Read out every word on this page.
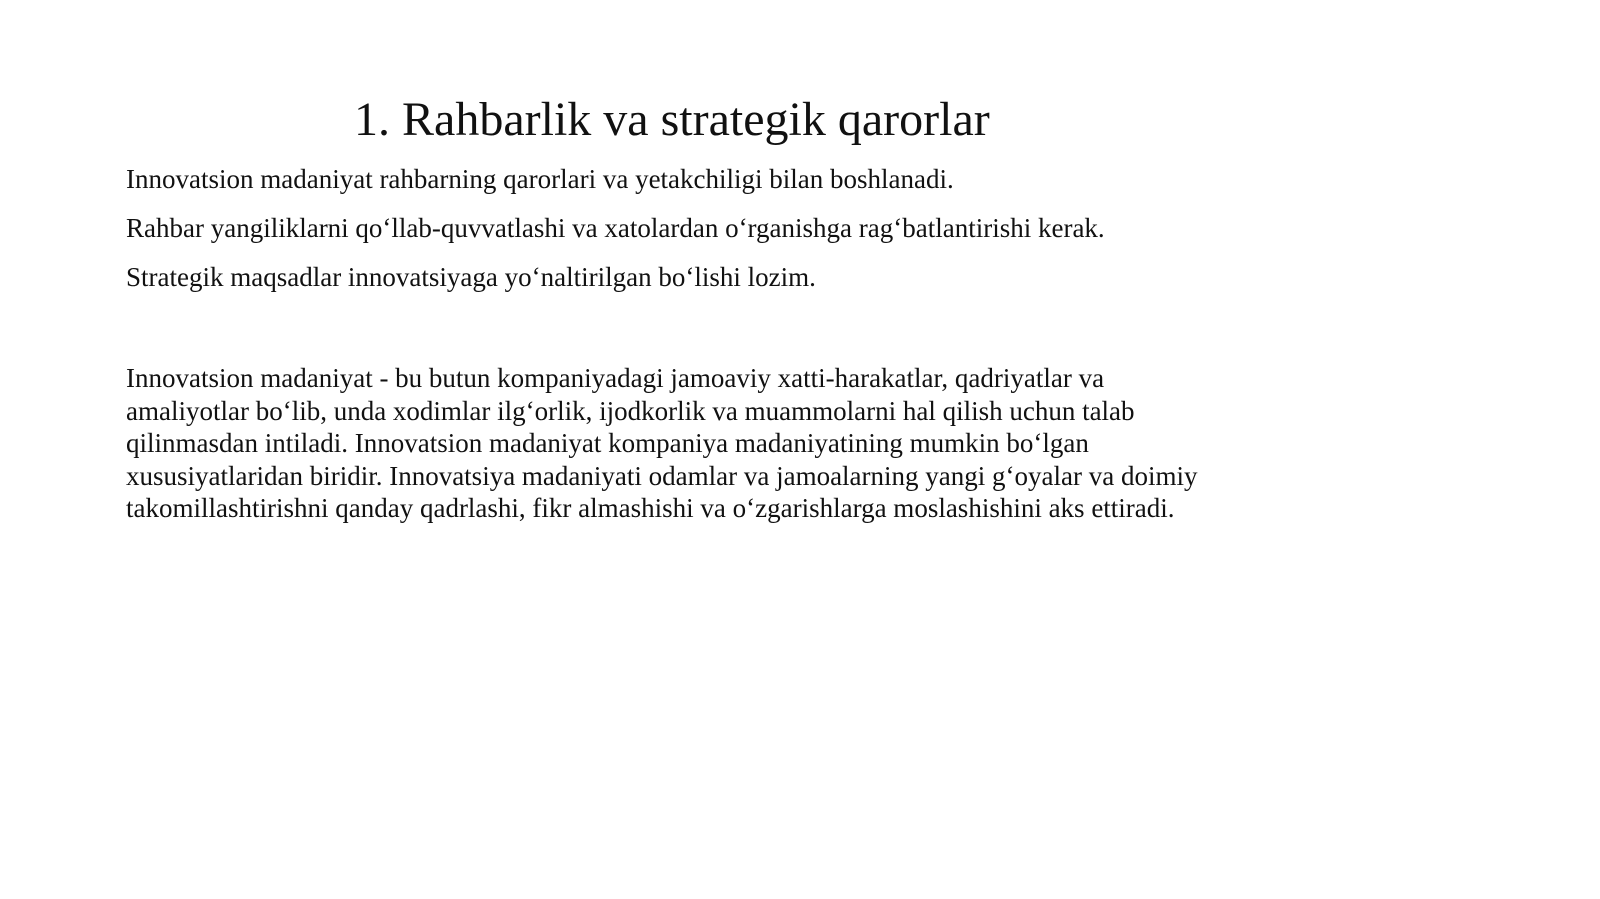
1. Rahbarlik va strategik qarorlar
Innovatsion madaniyat rahbarning qarorlari va yetakchiligi bilan boshlanadi.
Rahbar yangiliklarni qo‘llab-quvvatlashi va xatolardan o‘rganishga rag‘batlantirishi kerak.
Strategik maqsadlar innovatsiyaga yo‘naltirilgan bo‘lishi lozim.

Innovatsion madaniyat - bu butun kompaniyadagi jamoaviy xatti-harakatlar, qadriyatlar va
amaliyotlar bo‘lib, unda xodimlar ilg‘orlik, ijodkorlik va muammolarni hal qilish uchun talab
qilinmasdan intiladi. Innovatsion madaniyat kompaniya madaniyatining mumkin bo‘lgan
xususiyatlaridan biridir. Innovatsiya madaniyati odamlar va jamoalarning yangi g‘oyalar va doimiy
takomillashtirishni qanday qadrlashi, fikr almashishi va o‘zgarishlarga moslashishini aks ettiradi.
